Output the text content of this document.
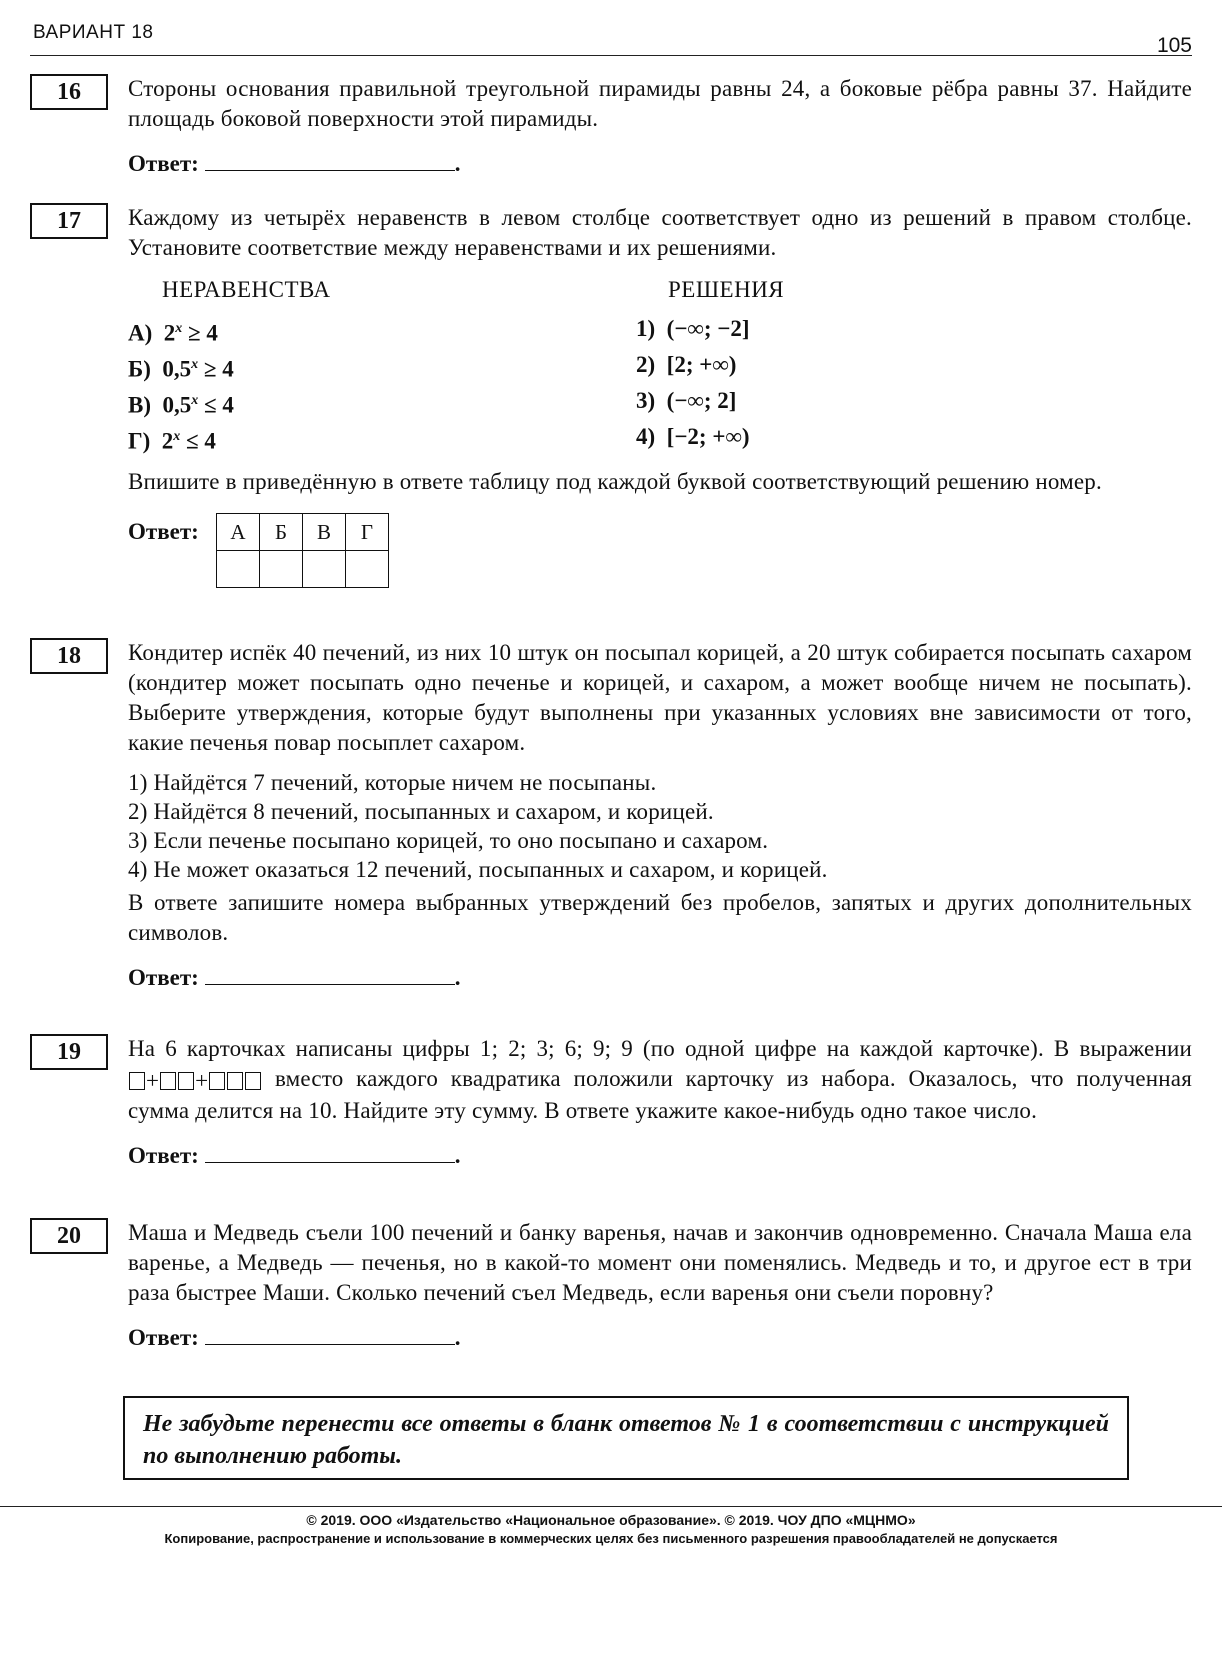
ВАРИАНТ 18
105
16	Стороны основания правильной треугольной пирамиды равны 24, а боковые рёбра равны 37. Найдите площадь боковой поверхности этой пирамиды.

Ответ:	.
17	Каждому из четырёх неравенств в левом столбце соответствует одно из решений в правом столбце. Установите соответствие между неравенствами и их решениями.

НЕРАВЕНСТВА
А) $2^x \ge 4$
Б) $0,5^x \ge 4$
В) $0,5^x \le 4$
Г) $2^x \le 4$
РЕШЕНИЯ
1) (−∞; −2]
2) [2; +∞)
3) (−∞; 2]
4) [−2; +∞)

Впишите в приведённую в ответе таблицу под каждой буквой соответствующий решению номер.

Ответ:	А	Б	В	Г

18	Кондитер испёк 40 печений, из них 10 штук он посыпал корицей, а 20 штук собирается посыпать сахаром (кондитер может посыпать одно печенье и корицей, и сахаром, а может вообще ничем не посыпать). Выберите утверждения, которые будут выполнены при указанных условиях вне зависимости от того, какие печенья повар посыплет сахаром.

1) Найдётся 7 печений, которые ничем не посыпаны.
2) Найдётся 8 печений, посыпанных и сахаром, и корицей.
3) Если печенье посыпано корицей, то оно посыпано и сахаром.
4) Не может оказаться 12 печений, посыпанных и сахаром, и корицей.

В ответе запишите номера выбранных утверждений без пробелов, запятых и других дополнительных символов.

Ответ:	.
19	На 6 карточках написаны цифры 1; 2; 3; 6; 9; 9 (по одной цифре на каждой карточке). В выражении + +	вместо каждого квадратика положили карточку из набора. Оказалось, что полученная сумма делится на 10. Найдите эту сумму. В ответе укажите какое-нибудь одно такое число.

Ответ:	.
20	Маша и Медведь съели 100 печений и банку варенья, начав и закончив одновременно. Сначала Маша ела варенье, а Медведь — печенья, но в какой-то момент они поменялись. Медведь и то, и другое ест в три раза быстрее Маши. Сколько печений съел Медведь, если варенья они съели поровну?

Ответ:	.
Не забудьте перенести все ответы в бланк ответов № 1 в соответствии с инструкцией по выполнению работы.
© 2019. ООО «Издательство «Национальное образование». © 2019. ЧОУ ДПО «МЦНМО»
Копирование, распространение и использование в коммерческих целях без письменного разрешения правообладателей не допускается
